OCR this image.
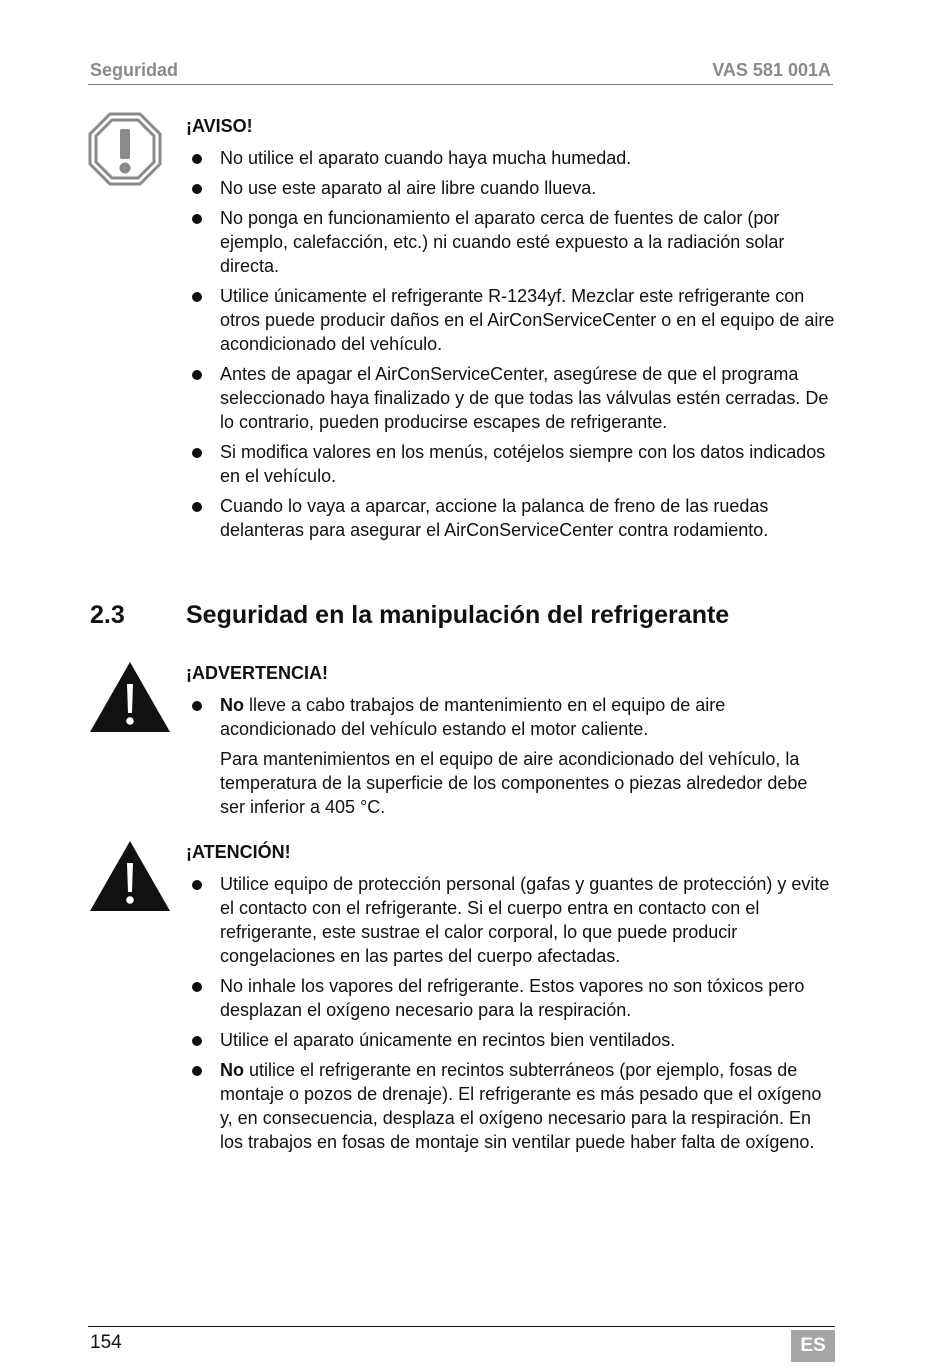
Seguridad	VAS 581 001A
¡AVISO!
No utilice el aparato cuando haya mucha humedad.
No use este aparato al aire libre cuando llueva.
No ponga en funcionamiento el aparato cerca de fuentes de calor (por ejemplo, calefacción, etc.) ni cuando esté expuesto a la radiación solar directa.
Utilice únicamente el refrigerante R-1234yf. Mezclar este refrigerante con otros puede producir daños en el AirConServiceCenter o en el equipo de aire acondicionado del vehículo.
Antes de apagar el AirConServiceCenter, asegúrese de que el programa seleccionado haya finalizado y de que todas las válvulas estén cerradas. De lo contrario, pueden producirse escapes de refrigerante.
Si modifica valores en los menús, cotéjelos siempre con los datos indicados en el vehículo.
Cuando lo vaya a aparcar, accione la palanca de freno de las ruedas delanteras para asegurar el AirConServiceCenter contra rodamiento.
2.3 Seguridad en la manipulación del refrigerante
¡ADVERTENCIA!
No lleve a cabo trabajos de mantenimiento en el equipo de aire acondicionado del vehículo estando el motor caliente.
Para mantenimientos en el equipo de aire acondicionado del vehículo, la temperatura de la superficie de los componentes o piezas alrededor debe ser inferior a 405 °C.
¡ATENCIÓN!
Utilice equipo de protección personal (gafas y guantes de protección) y evite el contacto con el refrigerante. Si el cuerpo entra en contacto con el refrigerante, este sustrae el calor corporal, lo que puede producir congelaciones en las partes del cuerpo afectadas.
No inhale los vapores del refrigerante. Estos vapores no son tóxicos pero desplazan el oxígeno necesario para la respiración.
Utilice el aparato únicamente en recintos bien ventilados.
No utilice el refrigerante en recintos subterráneos (por ejemplo, fosas de montaje o pozos de drenaje). El refrigerante es más pesado que el oxígeno y, en consecuencia, desplaza el oxígeno necesario para la respiración. En los trabajos en fosas de montaje sin ventilar puede haber falta de oxígeno.
154	ES
